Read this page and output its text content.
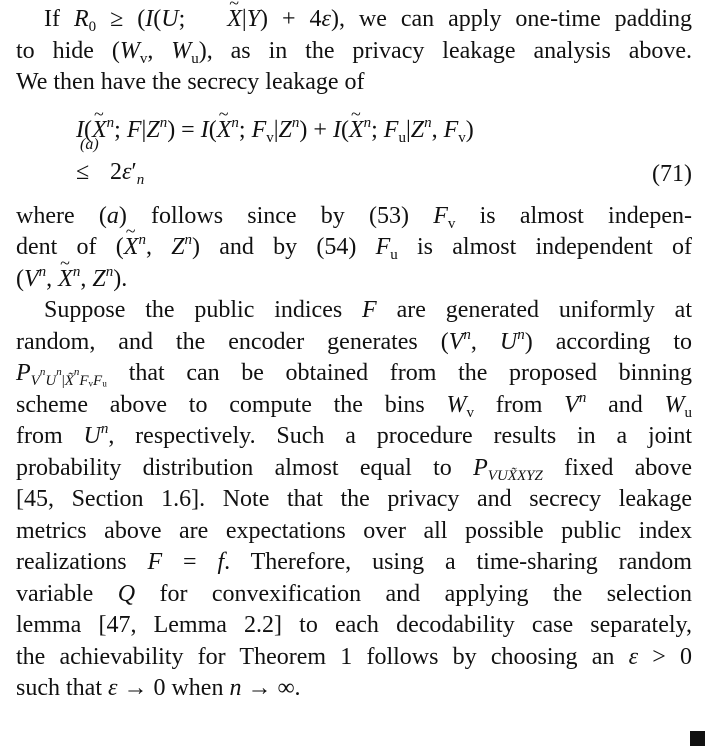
If $R_0 \ge (I(U$; ~ X|Y) + 4ε), we can apply one-time padding
to hide ($W_v$, $W_u$), as in the privacy leakage analysis above.
We then have the secrecy leakage of
I(~ $X^n$; $F|Z^n$) = I(~ $X^n$; $F_v|Z^n$) + I(~ $X^n$; $F_u|Z^n$, $F_v$)
(a)
≤ $2\varepsilon'_n$	(71)
where (a) follows since by (53) $F_v$ is almost indepen-
dent of (~ $X^n$, $Z^n$) and by (54) $F_u$ is almost independent of
($V^n$, ~ $X^n$, $Z^n$).
Suppose the public indices F are generated uniformly at
random, and the encoder generates ($V^n$, $U^n$) according to
$P_{V^nU^n|X̃^nFᵥFᵤ}$ that can be obtained from the proposed binning
scheme above to compute the bins $W_v$ from $V^n$ and $W_u$
from $U^n$, respectively. Such a procedure results in a joint
probability distribution almost equal to $P_{VUX̃XYZ}$ fixed above
[45, Section 1.6]. Note that the privacy and secrecy leakage
metrics above are expectations over all possible public index
realizations F = f. Therefore, using a time-sharing random
variable Q for convexification and applying the selection
lemma [47, Lemma 2.2] to each decodability case separately,
the achievability for Theorem 1 follows by choosing an ε > 0
such that ε → 0 when n → ∞.
